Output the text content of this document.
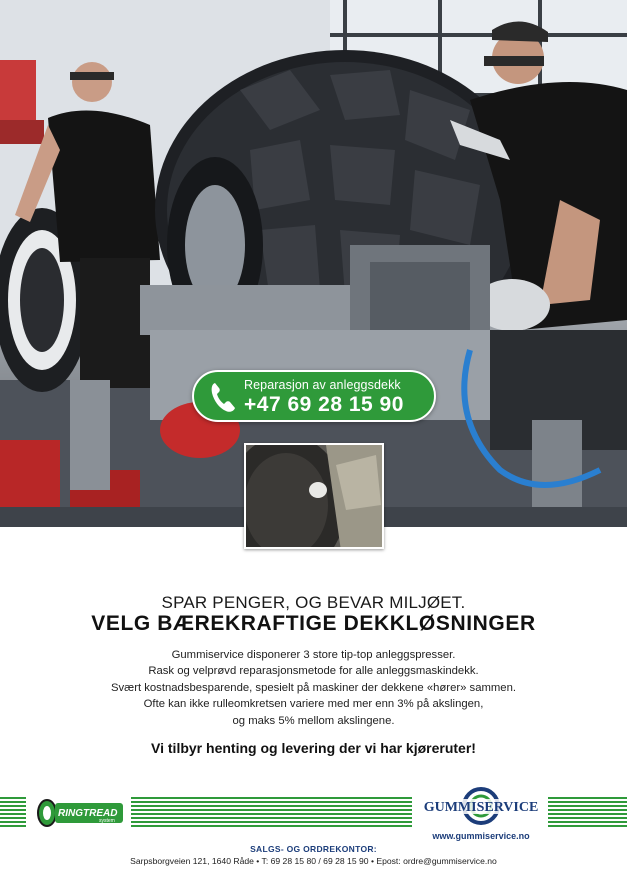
Reparasjon av anleggsdekk
+47 69 28 15 90
SPAR PENGER, OG BEVAR MILJØET.
VELG BÆREKRAFTIGE DEKKLØSNINGER
Gummiservice disponerer 3 store tip-top anleggspresser.
Rask og velprøvd reparasjonsmetode for alle anleggsmaskindekk.
Svært kostnadsbesparende, spesielt på maskiner der dekkene «hører» sammen.
Ofte kan ikke rulleomkretsen variere med mer enn 3% på akslingen,
og maks 5% mellom akslingene.
Vi tilbyr henting og levering der vi har kjøreruter!
RINGTREAD
system
GUMMISERVICE
www.gummiservice.no
SALGS- OG ORDREKONTOR:
Sarpsborgveien 121, 1640 Råde • T: 69 28 15 80 / 69 28 15 90 • Epost: ordre@gummiservice.no
